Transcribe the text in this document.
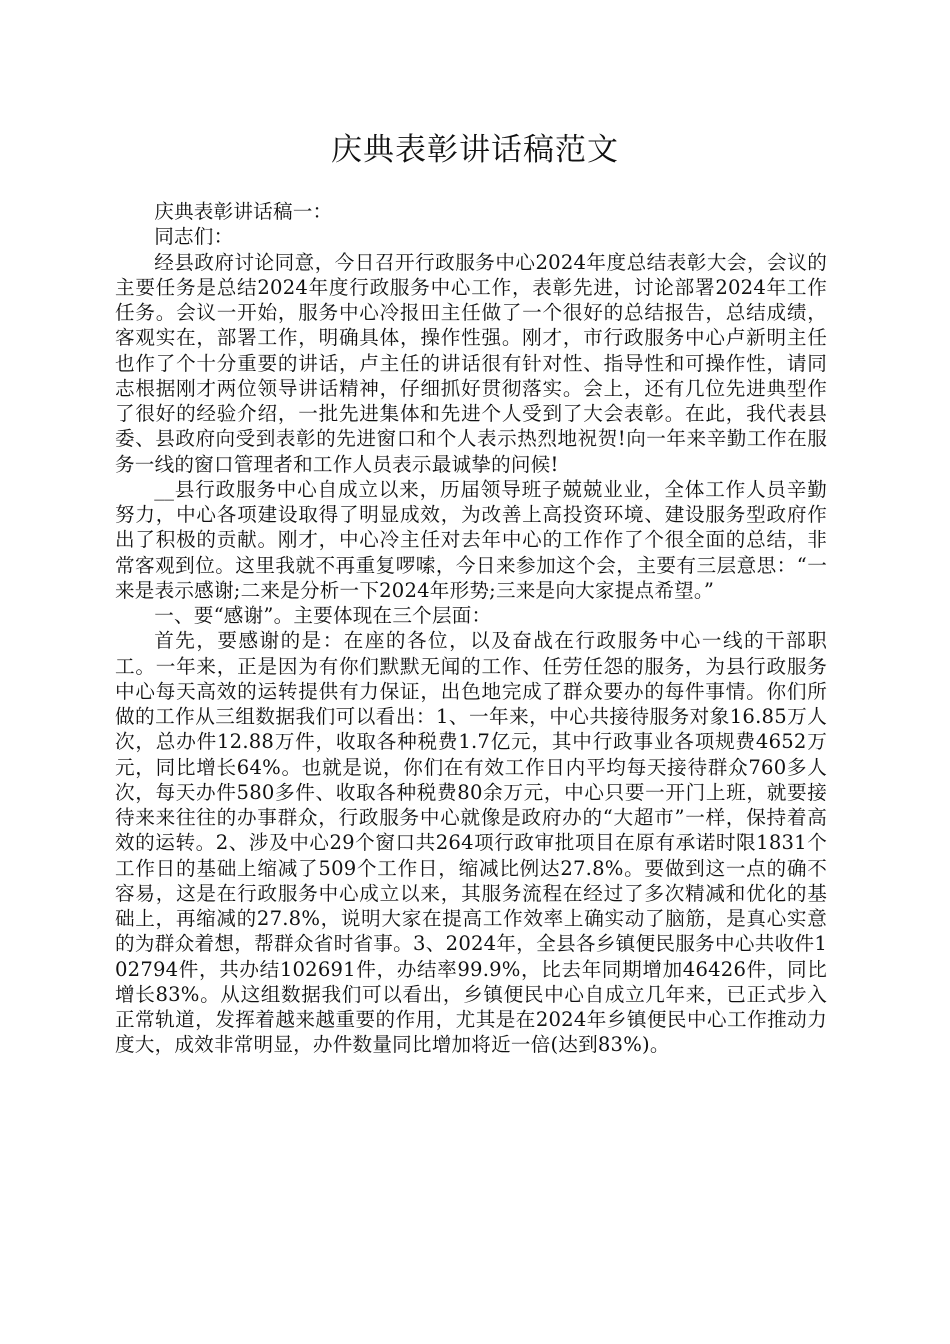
庆典表彰讲话稿范文

庆典表彰讲话稿一：

同志们：

经县政府讨论同意，今日召开行政服务中心2024年度总结表彰大会，会议的主要任务是总结2024年度行政服务中心工作，表彰先进，讨论部署2024年工作任务。会议一开始，服务中心冷报田主任做了一个很好的总结报告，总结成绩，客观实在，部署工作，明确具体，操作性强。刚才，市行政服务中心卢新明主任也作了个十分重要的讲话，卢主任的讲话很有针对性、指导性和可操作性，请同志根据刚才两位领导讲话精神，仔细抓好贯彻落实。会上，还有几位先进典型作了很好的经验介绍，一批先进集体和先进个人受到了大会表彰。在此，我代表县委、县政府向受到表彰的先进窗口和个人表示热烈地祝贺!向一年来辛勤工作在服务一线的窗口管理者和工作人员表示最诚挚的问候!

__县行政服务中心自成立以来，历届领导班子兢兢业业，全体工作人员辛勤努力，中心各项建设取得了明显成效，为改善上高投资环境、建设服务型政府作出了积极的贡献。刚才，中心冷主任对去年中心的工作作了个很全面的总结，非常客观到位。这里我就不再重复啰嗦，今日来参加这个会，主要有三层意思：“一来是表示感谢;二来是分析一下2024年形势;三来是向大家提点希望。”

一、要“感谢”。主要体现在三个层面：

首先，要感谢的是：在座的各位，以及奋战在行政服务中心一线的干部职工。一年来，正是因为有你们默默无闻的工作、任劳任怨的服务，为县行政服务中心每天高效的运转提供有力保证，出色地完成了群众要办的每件事情。你们所做的工作从三组数据我们可以看出：1、一年来，中心共接待服务对象16.85万人次，总办件12.88万件，收取各种税费1.7亿元，其中行政事业各项规费4652万元，同比增长64%。也就是说，你们在有效工作日内平均每天接待群众760多人次，每天办件580多件、收取各种税费80余万元，中心只要一开门上班，就要接待来来往往的办事群众，行政服务中心就像是政府办的“大超市”一样，保持着高效的运转。2、涉及中心29个窗口共264项行政审批项目在原有承诺时限1831个工作日的基础上缩减了509个工作日，缩减比例达27.8%。要做到这一点的确不容易，这是在行政服务中心成立以来，其服务流程在经过了多次精减和优化的基础上，再缩减的27.8%，说明大家在提高工作效率上确实动了脑筋，是真心实意的为群众着想，帮群众省时省事。3、2024年，全县各乡镇便民服务中心共收件102794件，共办结102691件，办结率99.9%，比去年同期增加46426件，同比增长83%。从这组数据我们可以看出，乡镇便民中心自成立几年来，已正式步入正常轨道，发挥着越来越重要的作用，尤其是在2024年乡镇便民中心工作推动力度大，成效非常明显，办件数量同比增加将近一倍(达到83%)。
